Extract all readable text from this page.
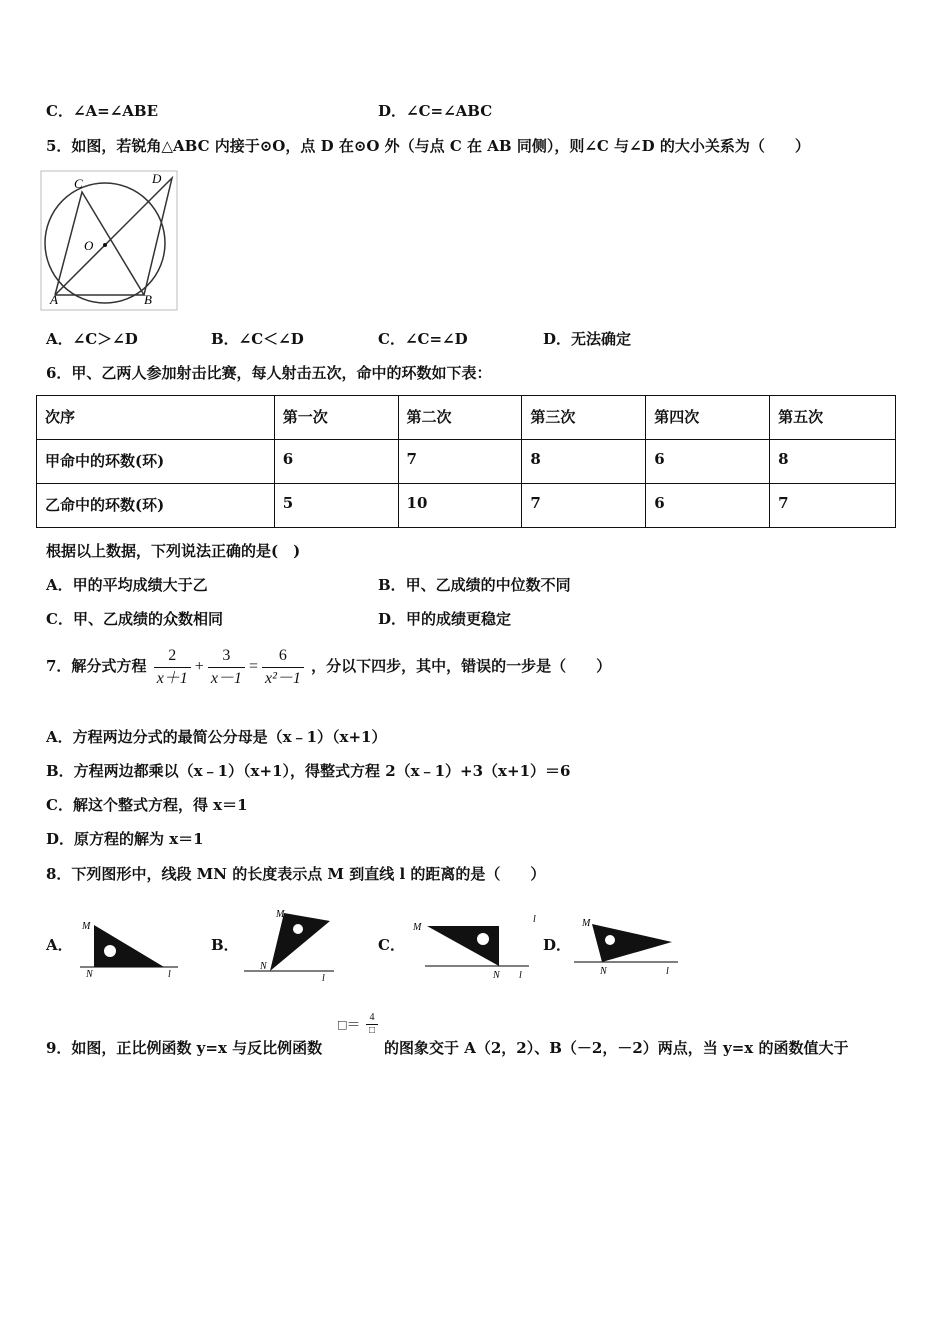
C．∠A=∠ABE	D．∠C=∠ABC
5．如图，若锐角△ABC 内接于⊙O，点 D 在⊙O 外（与点 C 在 AB 同侧），则∠C 与∠D 的大小关系为（　　）
C	D
O
A	B
A．∠C＞∠D	B．∠C＜∠D	C．∠C=∠D	D．无法确定
6．甲、乙两人参加射击比赛，每人射击五次，命中的环数如下表：
次序	第一次	第二次	第三次	第四次	第五次
甲命中的环数(环)	6	7	8	6	8
乙命中的环数(环)	5	10	7	6	7
根据以上数据，下列说法正确的是(　)
A．甲的平均成绩大于乙	B．甲、乙成绩的中位数不同
C．甲、乙成绩的众数相同	D．甲的成绩更稳定
7．解分式方程 $\frac{2}{x+1} + \frac{3}{x-1} = \frac{6}{\text{x²－1}}$ ，分以下四步，其中，错误的一步是（　　）
A．方程两边分式的最简公分母是（x﹣1）（x+1）
B．方程两边都乘以（x﹣1）（x+1），得整式方程 2（x﹣1）+3（x+1）＝6
C．解这个整式方程，得 x＝1
D．原方程的解为 x＝1
8．下列图形中，线段 MN 的长度表示点 M 到直线 l 的距离的是（　　）
A．
M
N	l
B．
M
N
l
C．
M
N l
l
D．
M
N	l
9．如图，正比例函数 y=x 与反比例函数
□＝ $\frac{4}{□}$
的图象交于 A（2，2）、B（－2，－2）两点，当 y=x 的函数值大于
